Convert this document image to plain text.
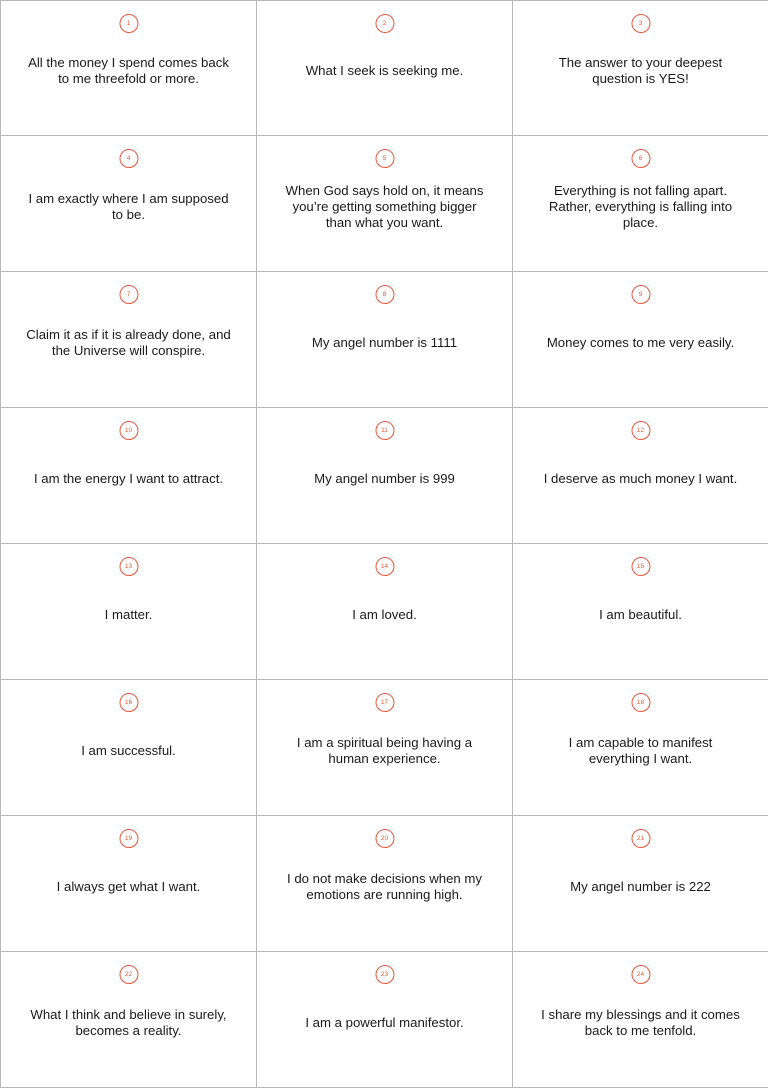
1
All the money I spend comes back to me threefold or more.
2
What I seek is seeking me.
3
The answer to your deepest question is YES!
4
I am exactly where I am supposed to be.
5
When God says hold on, it means you’re getting something bigger than what you want.
6
Everything is not falling apart. Rather, everything is falling into place.
7
Claim it as if it is already done, and the Universe will conspire.
8
My angel number is 1111
9
Money comes to me very easily.
10
I am the energy I want to attract.
11
My angel number is 999
12
I deserve as much money I want.
13
I matter.
14
I am loved.
15
I am beautiful.
16
I am successful.
17
I am a spiritual being having a human experience.
18
I am capable to manifest everything I want.
19
I always get what I want.
20
I do not make decisions when my emotions are running high.
21
My angel number is 222
22
What I think and believe in surely, becomes a reality.
23
I am a powerful manifestor.
24
I share my blessings and it comes back to me tenfold.
